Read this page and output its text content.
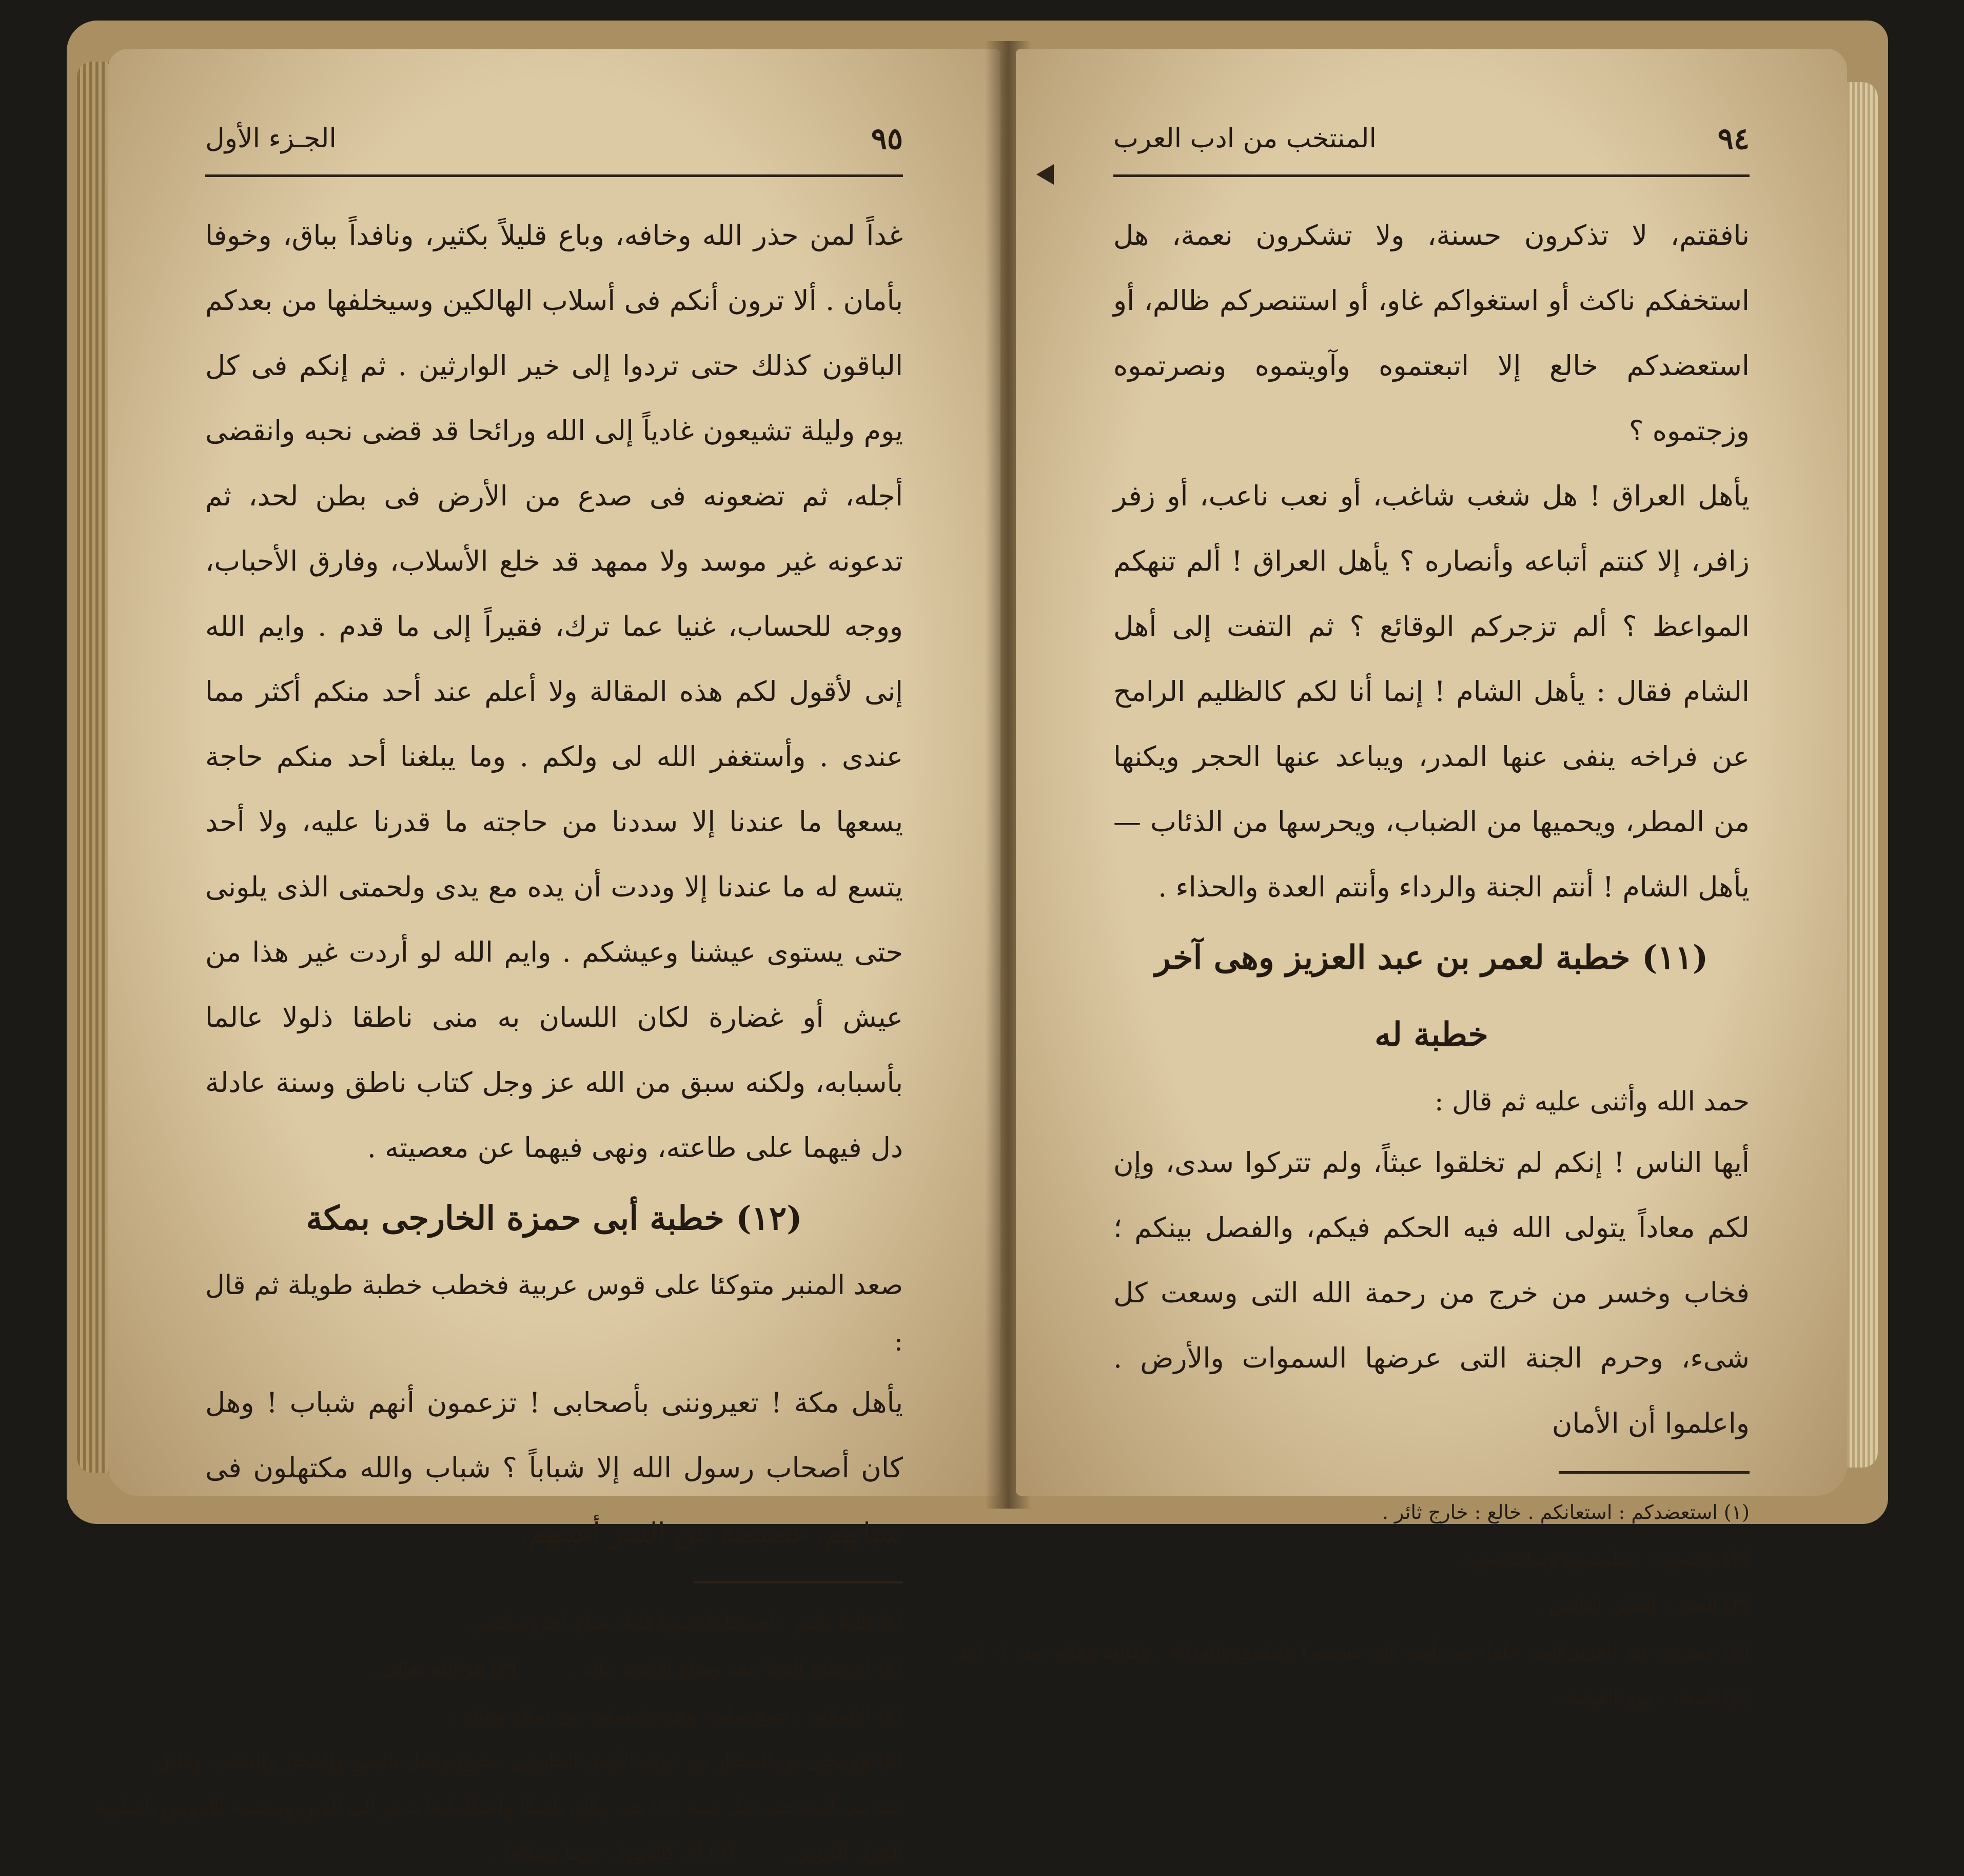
٩٥
الجـزء الأول

غداً لمن حذر الله وخافه، وباع قليلاً بكثير، ونافداً بباق، وخوفا بأمان . ألا ترون أنكم فى أسلاب الهالكين وسيخلفها من بعدكم الباقون كذلك حتى تردوا إلى خير الوارثين . ثم إنكم فى كل يوم وليلة تشيعون غادياً إلى الله ورائحا قد قضى نحبه وانقضى أجله، ثم تضعونه فى صدع من الأرض فى بطن لحد، ثم تدعونه غير موسد ولا ممهد قد خلع الأسلاب، وفارق الأحباب، ووجه للحساب، غنيا عما ترك، فقيراً إلى ما قدم . وايم الله إنى لأقول لكم هذه المقالة ولا أعلم عند أحد منكم أكثر مما عندى . وأستغفر الله لى ولكم . وما يبلغنا أحد منكم حاجة يسعها ما عندنا إلا سددنا من حاجته ما قدرنا عليه، ولا أحد يتسع له ما عندنا إلا وددت أن يده مع يدى ولحمتى الذى يلونى حتى يستوى عيشنا وعيشكم . وايم الله لو أردت غير هذا من عيش أو غضارة لكان اللسان به منى ناطقا ذلولا عالما بأسبابه، ولكنه سبق من الله عز وجل كتاب ناطق وسنة عادلة دل فيهما على طاعته، ونهى فيهما عن معصيته .

(١٢) خطبة أبى حمزة الخارجى بمكة

صعد المنبر متوكئا على قوس عربية فخطب خطبة طويلة ثم قال :

يأهل مكة ! تعيروننى بأصحابى ! تزعمون أنهم شباب ! وهل كان أصحاب رسول الله إلا شباباً ؟ شباب والله مكتهلون فى شبابهم، غضيضة عن الشر أعينهم،

(١) قليلا بكثير : أى متاعا دنيويا قليلا بمتاع أخروى كثير .
(٢) أى متاع الدنيا ينفد ومتاع الآخرة خالد . (٣) هو الله تعالى .
(٤) الأسلاب : جمع سلب، وهو ما يسلب من سلاح ومال .
(٥) هو يحيى بن المختار بن عوف الأزدى الخارجى . خرج وتنقل باليمن والحجاز والشام . وقاتل
جند بنى أمية حتى قتل سنة ١٣٠ هـ . وكان ناسكا واعظا بليغا يدعو الى الدين ومعصية الأمويين بأسلوبه
الجزل المؤثر . (٦) أى كالكهول حزما وصلاحا .
٩٤
المنتخب من ادب العرب

نافقتم، لا تذكرون حسنة، ولا تشكرون نعمة، هل استخفكم ناكث أو استغواكم غاو، أو استنصركم ظالم، أو استعضدكم خالع إلا اتبعتموه وآويتموه ونصرتموه وزجتموه ؟

يأهل العراق ! هل شغب شاغب، أو نعب ناعب، أو زفر زافر، إلا كنتم أتباعه وأنصاره ؟ يأهل العراق ! ألم تنهكم المواعظ ؟ ألم تزجركم الوقائع ؟ ثم التفت إلى أهل الشام فقال : يأهل الشام ! إنما أنا لكم كالظليم الرامح عن فراخه ينفى عنها المدر، ويباعد عنها الحجر ويكنها من المطر، ويحميها من الضباب، ويحرسها من الذئاب — يأهل الشام ! أنتم الجنة والرداء وأنتم العدة والحذاء .

(١١) خطبة لعمر بن عبد العزيز وهى آخر خطبة له

حمد الله وأثنى عليه ثم قال :

أيها الناس ! إنكم لم تخلقوا عبثاً، ولم تتركوا سدى، وإن لكم معاداً يتولى الله فيه الحكم فيكم، والفصل بينكم ؛ فخاب وخسر من خرج من رحمة الله التى وسعت كل شىء، وحرم الجنة التى عرضها السموات والأرض . واعلموا أن الأمان

(١) استعضدكم : استعانكم . خالع : خارج ثائر .
(٢) زجتموه : عظمتموه وساعدتموه .
(٣) المدر : الطين اليابس .
(٤) عمر بن عبد العزيز ثامن خلفاء بنى أمية كان مشهورا بالتقوى والعدالة . وكانت وفاته سنة ١٠١ هـ
(٥) المعاد : يوم القيامة .
